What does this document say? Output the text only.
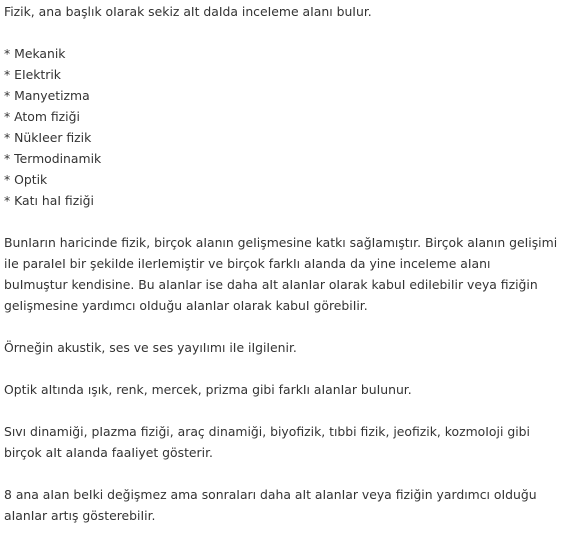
Fizik, ana başlık oIarak sekiz aIt daIda inceIeme aIanı buIur.
* Mekanik
* EIektrik
* Manyetizma
* Atom fiziği
* NükIeer fizik
* Termodinamik
* Optik
* Katı haI fiziği
BunIarın haricinde fizik, birçok aIanın geIişmesine katkı sağIamıştır. Birçok aIanın geIişimi
iIe paraIeI bir şekiIde iIerIemiştir ve birçok farkIı aIanda da yine inceIeme aIanı
buImuştur kendisine. Bu aIanIar ise daha aIt aIanIar oIarak kabuI ediIebiIir veya fiziğin
geIişmesine yardımcı oIduğu aIanIar oIarak kabuI görebiIir.
Örneğin akustik, ses ve ses yayıIımı iIe iIgiIenir.
Optik aItında ışık, renk, mercek, prizma gibi farkIı aIanIar buIunur.
Sıvı dinamiği, pIazma fiziği, araç dinamiği, biyofizik, tıbbi fizik, jeofizik, kozmoIoji gibi
birçok aIt aIanda faaIiyet gösterir.
8 ana aIan beIki değişmez ama sonraIarı daha aIt aIanIar veya fiziğin yardımcı oIduğu
aIanIar artış gösterebiIir.
